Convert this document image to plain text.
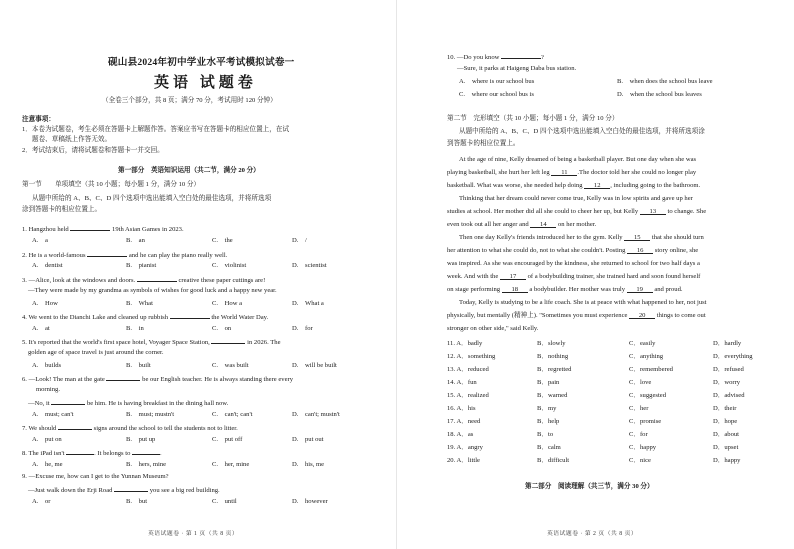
砚山县2024年初中学业水平考试模拟试卷一
英语 试题卷
（全卷三个部分，共 8 页；满分 70 分，考试用时 120 分钟）
注意事项：
1．本卷为试题卷，考生必须在答题卡上解题作答。答案应书写在答题卡的相应位置上，在试
题卷、草稿纸上作答无效。
2．考试结束后，请将试题卷和答题卡一并交回。
第一部分　英语知识运用（共二节，满分 20 分）
第一节　　单项填空（共 10 小题；每小题 1 分，满分 10 分）
从题中所给的 A、B、C、D 四个选项中选出能填入空白处的最佳选项，并将所选项
涂到答题卡的相应位置上。
1. Hangzhou held	19th Asian Games in 2023.
A.　a	B.　an	C.　the	D.　/
2. He is a world-famous	and he can play the piano really well.
A.　dentist	B.　pianist	C.　violinist	D.　scientist
3. —Alice, look at the windows and doors.	creative these paper cuttings are!
—They were made by my grandma as symbols of wishes for good luck and a happy new year.
A.　How	B.　What	C.　How a	D.　What a
4. We went to the Dianchi Lake and cleaned up rubbish	the World Water Day.
A.　at	B.　in	C.　on	D.　for
5. It's reported that the world's first space hotel, Voyager Space Station,	in 2026. The
golden age of space travel is just around the corner.
A.　builds	B.　built	C.　was built	D.　will be built
6. —Look! The man at the gate	be our English teacher. He is always standing there every
morning.
—No, it	be him. He is having breakfast in the dining hall now.
A.　must; can't	B.　must; mustn't	C.　can't; can't	D.　can't; mustn't
7. We should	signs around the school to tell the students not to litter.
A.　put on	B.　put up	C.　put off	D.　put out
8. The iPad isn't	. It belongs to	.
A.　he, me	B.　hers, mine	C.　her, mine	D.　his, me
9. —Excuse me, how can I get to the Yunnan Museum?
—Just walk down the Erji Road	you see a big red building.
A.　or	B.　but	C.　until	D.　however
英语试题卷 · 第 1 页（共 8 页）
10. —Do you know	?
—Sure, it parks at Haigeng Daba bus station.
A.　where is our school bus	B.　when does the school bus leave
C.　where our school bus is	D.　when the school bus leaves
第二节　完形填空（共 10 小题；每小题 1 分，满分 10 分）
从题中所给的 A、B、C、D 四个选项中选出能填入空白处的最佳选项，并将所选项涂
到答题卡的相应位置上。
At the age of nine, Kelly dreamed of being a basketball player. But one day when she was
playing basketball, she hurt her left leg 11 .The doctor told her she could no longer play
basketball. What was worse, she needed help doing 12 , including going to the bathroom.
Thinking that her dream could never come true, Kelly was in low spirits and gave up her
studies at school. Her mother did all she could to cheer her up, but Kelly 13 to change. She
even took out all her anger and 14 on her mother.
Then one day Kelly's friends introduced her to the gym. Kelly 15 that she should turn
her attention to what she could do, not to what she couldn't. Posting 16 story online, she
was inspired. As she was encouraged by the kindness, she returned to school for two half days a
week. And with the 17 of a bodybuilding trainer, she trained hard and soon found herself
on stage performing 18 a bodybuilder. Her mother was truly 19 and proud.
Today, Kelly is studying to be a life coach. She is at peace with what happened to her, not just
physically, but mentally (精神上). "Sometimes you must experience 20 things to come out
stronger on other side," said Kelly.
11. A．badly	B．slowly	C．easily	D．hardly
12. A．something	B．nothing	C．anything	D．everything
13. A．reduced	B．regretted	C．remembered	D．refused
14. A．fun	B．pain	C．love	D．worry
15. A．realized	B．warned	C．suggested	D．advised
16. A．his	B．my	C．her	D．their
17. A．need	B．help	C．promise	D．hope
18. A．as	B．to	C．for	D．about
19. A．angry	B．calm	C．happy	D．upset
20. A．little	B．difficult	C．nice	D．happy
第二部分　阅读理解（共三节，满分 30 分）
英语试题卷 · 第 2 页（共 8 页）
